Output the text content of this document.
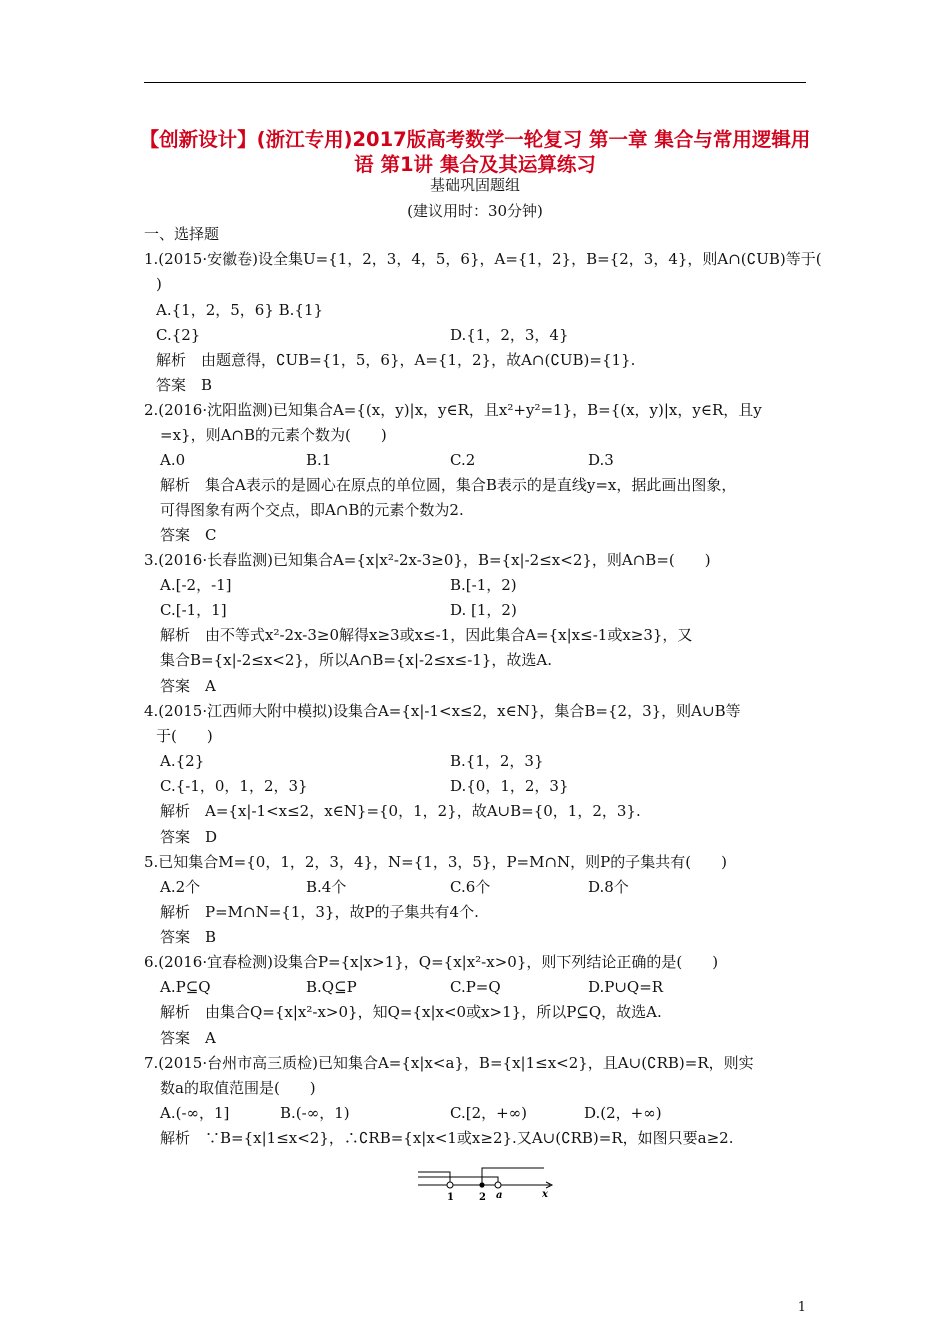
【创新设计】(浙江专用)2017版高考数学一轮复习 第一章 集合与常用逻辑用语 第1讲 集合及其运算练习
基础巩固题组
(建议用时：30分钟)
一、选择题
1.(2015·安徽卷)设全集U={1，2，3，4，5，6}，A={1，2}，B={2，3，4}，则A∩(∁UB)等于(
)
A.{1，2，5，6} B.{1}
C.{2}	D.{1，2，3，4}
解析　由题意得，∁UB={1，5，6}，A={1，2}，故A∩(∁UB)={1}.
答案　B
2.(2016·沈阳监测)已知集合A={(x，y)|x，y∈R，且x²+y²=1}，B={(x，y)|x，y∈R，且y
=x}，则A∩B的元素个数为(　　)
A.0	B.1	C.2	D.3
解析　集合A表示的是圆心在原点的单位圆，集合B表示的是直线y=x，据此画出图象，
可得图象有两个交点，即A∩B的元素个数为2.
答案　C
3.(2016·长春监测)已知集合A={x|x²-2x-3≥0}，B={x|-2≤x<2}，则A∩B=(　　)
A.[-2，-1]	B.[-1，2)
C.[-1，1]	D. [1，2)
解析　由不等式x²-2x-3≥0解得x≥3或x≤-1，因此集合A={x|x≤-1或x≥3}，又
集合B={x|-2≤x<2}，所以A∩B={x|-2≤x≤-1}，故选A.
答案　A
4.(2015·江西师大附中模拟)设集合A={x|-1<x≤2，x∈N}，集合B={2，3}，则A∪B等
于(　　)
A.{2}	B.{1，2，3}
C.{-1，0，1，2，3}	D.{0，1，2，3}
解析　A={x|-1<x≤2，x∈N}={0，1，2}，故A∪B={0，1，2，3}.
答案　D
5.已知集合M={0，1，2，3，4}，N={1，3，5}，P=M∩N，则P的子集共有(　　)
A.2个	B.4个	C.6个	D.8个
解析　P=M∩N={1，3}，故P的子集共有4个.
答案　B
6.(2016·宜春检测)设集合P={x|x>1}，Q={x|x²-x>0}，则下列结论正确的是(　　)
A.P⊆Q	B.Q⊆P	C.P=Q	D.P∪Q=R
解析　由集合Q={x|x²-x>0}，知Q={x|x<0或x>1}，所以P⊆Q，故选A.
答案　A
7.(2015·台州市高三质检)已知集合A={x|x<a}，B={x|1≤x<2}，且A∪(∁RB)=R，则实
数a的取值范围是(　　)
A.(-∞，1]	B.(-∞，1)	C.[2，+∞)	D.(2，+∞)
解析　∵B={x|1≤x<2}，∴∁RB={x|x<1或x≥2}.又A∪(∁RB)=R，如图只要a≥2.
1	2 a	x
1
